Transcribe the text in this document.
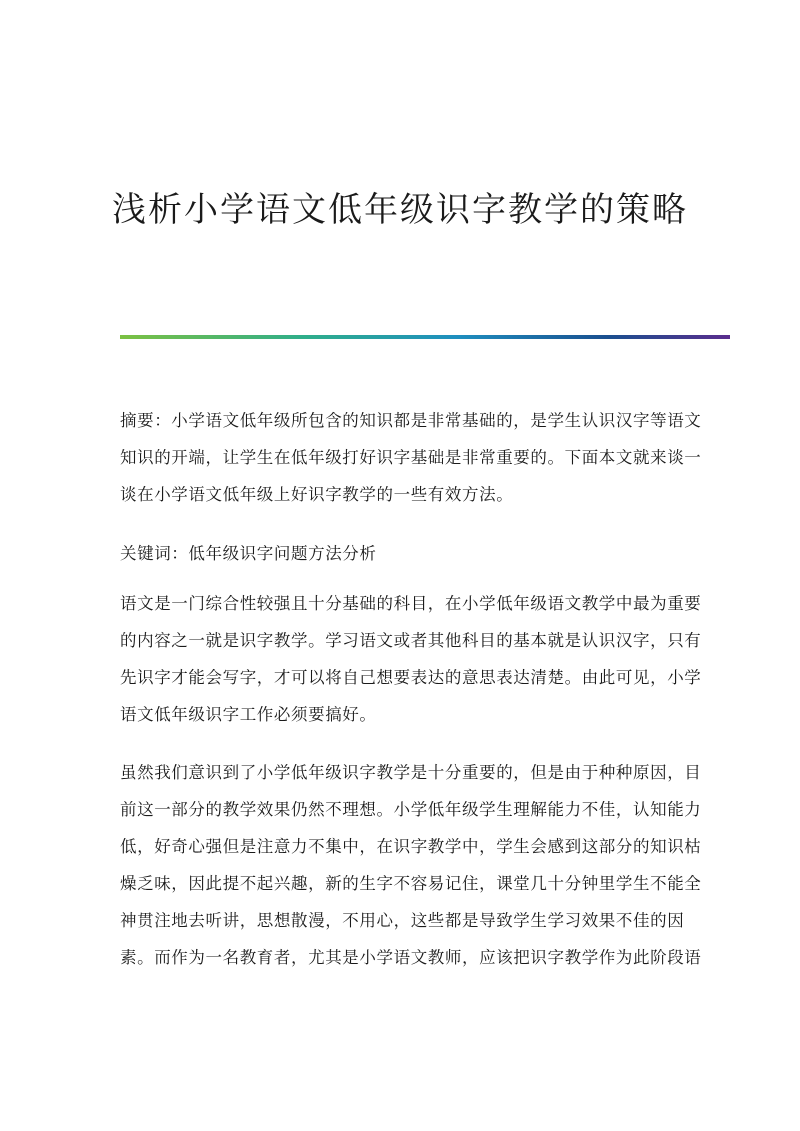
浅析小学语文低年级识字教学的策略
摘要：小学语文低年级所包含的知识都是非常基础的，是学生认识汉字等语文
知识的开端，让学生在低年级打好识字基础是非常重要的。下面本文就来谈一
谈在小学语文低年级上好识字教学的一些有效方法。
关键词：低年级识字问题方法分析
语文是一门综合性较强且十分基础的科目，在小学低年级语文教学中最为重要
的内容之一就是识字教学。学习语文或者其他科目的基本就是认识汉字，只有
先识字才能会写字，才可以将自己想要表达的意思表达清楚。由此可见，小学
语文低年级识字工作必须要搞好。
虽然我们意识到了小学低年级识字教学是十分重要的，但是由于种种原因，目
前这一部分的教学效果仍然不理想。小学低年级学生理解能力不佳，认知能力
低，好奇心强但是注意力不集中，在识字教学中，学生会感到这部分的知识枯
燥乏味，因此提不起兴趣，新的生字不容易记住，课堂几十分钟里学生不能全
神贯注地去听讲，思想散漫，不用心，这些都是导致学生学习效果不佳的因
素。而作为一名教育者，尤其是小学语文教师，应该把识字教学作为此阶段语
